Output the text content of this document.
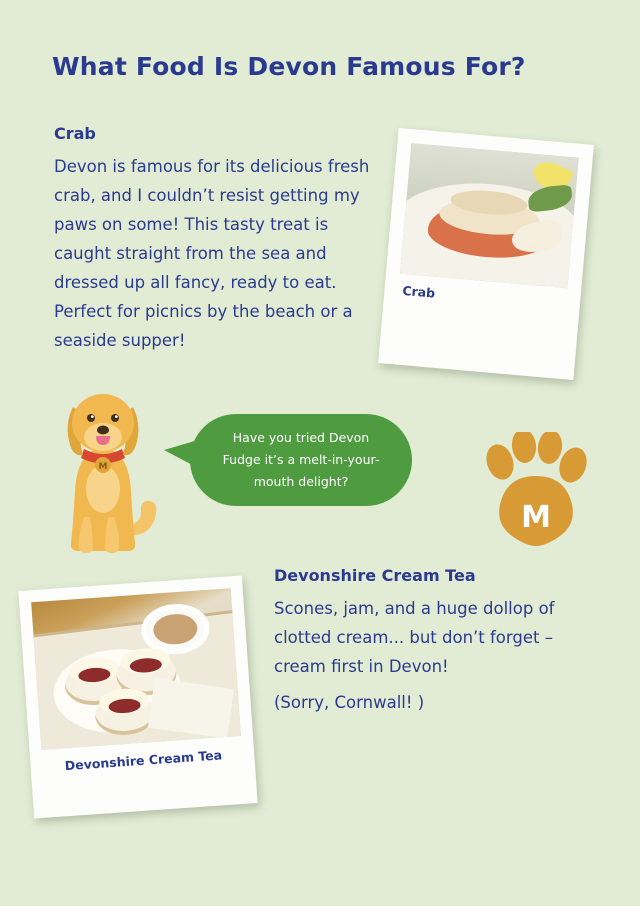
What Food Is Devon Famous For?
Crab
Devon is famous for its delicious fresh crab, and I couldn’t resist getting my paws on some! This tasty treat is caught straight from the sea and dressed up all fancy, ready to eat. Perfect for picnics by the beach or a seaside supper!
Crab
M
Have you tried Devon Fudge it’s a melt-in-your-mouth delight?
M
Devonshire Cream Tea
Devonshire Cream Tea
Scones, jam, and a huge dollop of clotted cream... but don’t forget – cream first in Devon!
(Sorry, Cornwall! )
